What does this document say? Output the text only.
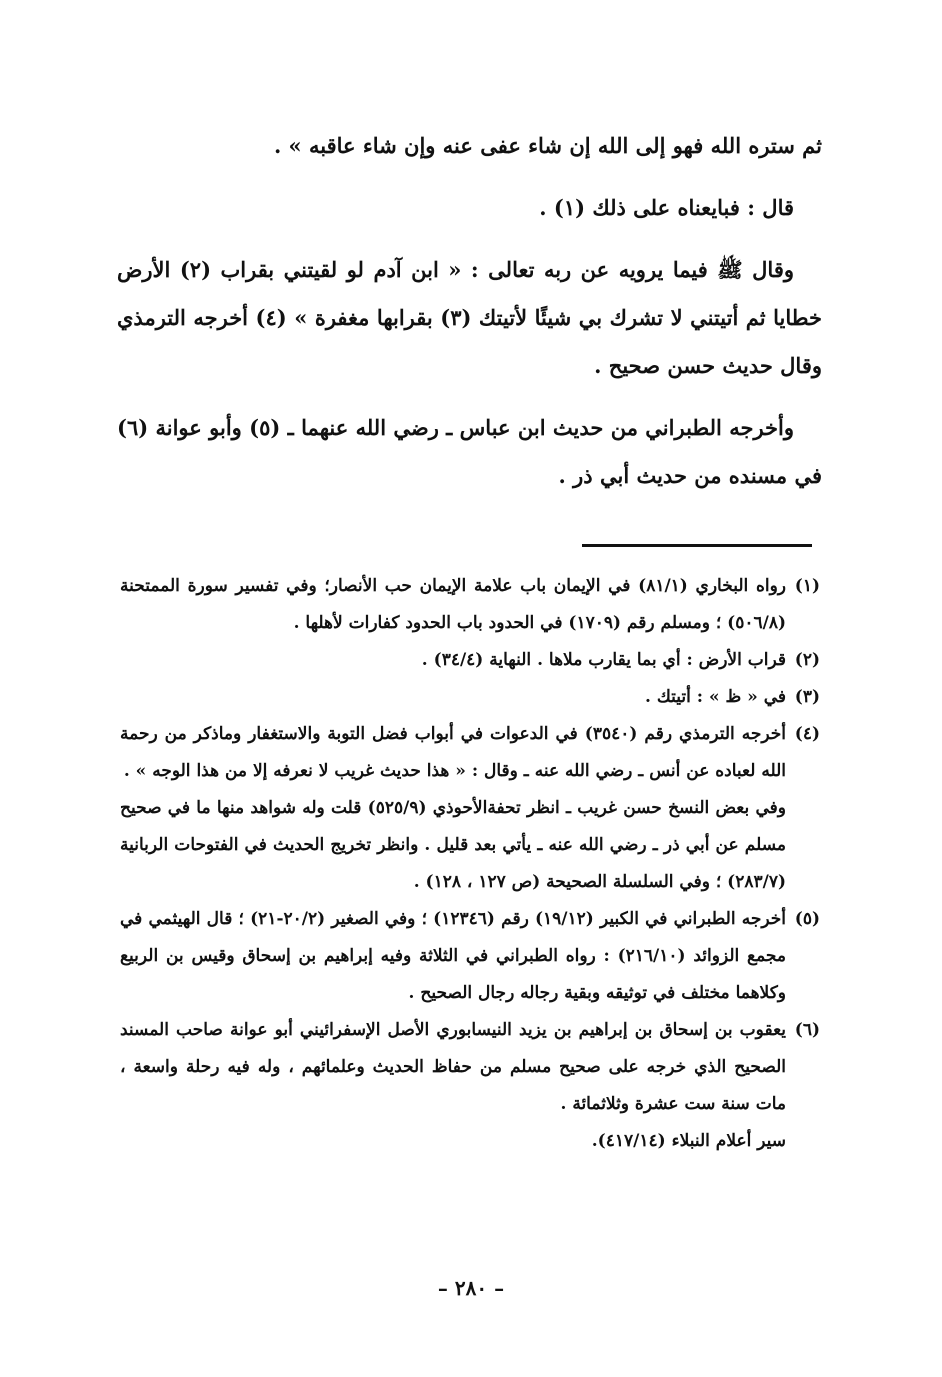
ثم ستره الله فهو إلى الله إن شاء عفى عنه وإن شاء عاقبه » .

قال : فبايعناه على ذلك (١) .

وقال ﷺ فيما يرويه عن ربه تعالى : « ابن آدم لو لقيتني بقراب (٢) الأرض خطايا ثم أتيتني لا تشرك بي شيئًا لأتيتك (٣) بقرابها مغفرة » (٤) أخرجه الترمذي وقال حديث حسن صحيح .

وأخرجه الطبراني من حديث ابن عباس ـ رضي الله عنهما ـ (٥) وأبو عوانة (٦) في مسنده من حديث أبي ذر .

(١)
رواه البخاري (٨١/١) في الإيمان باب علامة الإيمان حب الأنصار؛ وفي تفسير سورة الممتحنة (٥٠٦/٨) ؛ ومسلم رقم (١٧٠٩) في الحدود باب الحدود كفارات لأهلها .
(٢)
قراب الأرض : أي بما يقارب ملاها . النهاية (٣٤/٤) .
(٣)
في « ظ » : أتيتك .
(٤)
أخرجه الترمذي رقم (٣٥٤٠) في الدعوات في أبواب فضل التوبة والاستغفار وماذكر من رحمة الله لعباده عن أنس ـ رضي الله عنه ـ وقال : « هذا حديث غريب لا نعرفه إلا من هذا الوجه » .

وفي بعض النسخ حسن غريب ـ انظر تحفةالأحوذي (٥٢٥/٩) قلت وله شواهد منها ما في صحيح مسلم عن أبي ذر ـ رضي الله عنه ـ يأتي بعد قليل . وانظر تخريج الحديث في الفتوحات الربانية (٢٨٣/٧) ؛ وفي السلسلة الصحيحة (ص ١٢٧ ، ١٢٨) .

(٥)
أخرجه الطبراني في الكبير (١٩/١٢) رقم (١٢٣٤٦) ؛ وفي الصغير (٢٠/٢-٢١) ؛ قال الهيثمي في مجمع الزوائد (٢١٦/١٠) : رواه الطبراني في الثلاثة وفيه إبراهيم بن إسحاق وقيس بن الربيع وكلاهما مختلف في توثيقه وبقية رجاله رجال الصحيح .
(٦)
يعقوب بن إسحاق بن إبراهيم بن يزيد النيسابوري الأصل الإسفرائيني أبو عوانة صاحب المسند الصحيح الذي خرجه على صحيح مسلم من حفاظ الحديث وعلمائهم ، وله فيه رحلة واسعة ، مات سنة ست عشرة وثلاثمائة .

سير أعلام النبلاء (٤١٧/١٤).

– ٢٨٠ –
